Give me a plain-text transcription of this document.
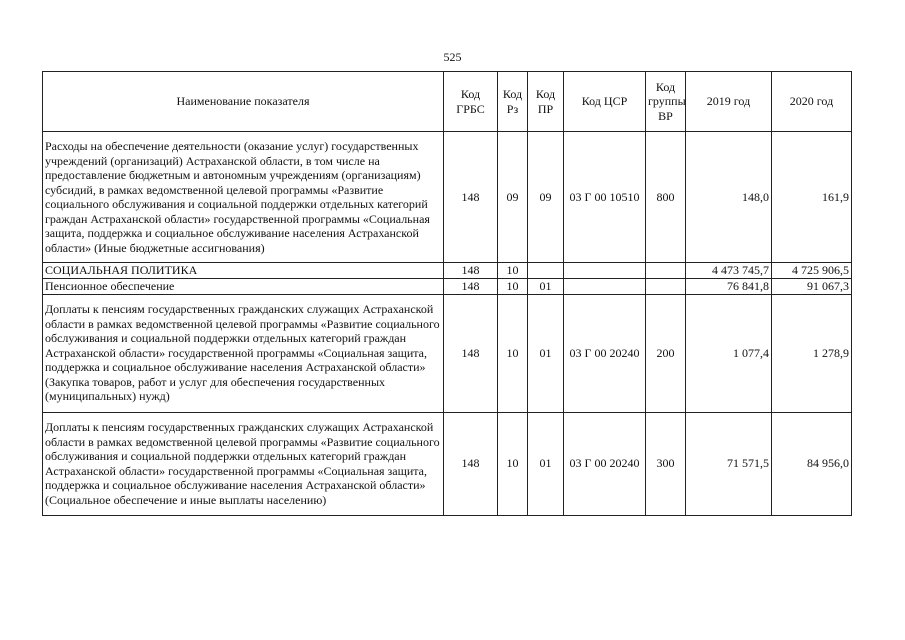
525
Наименование показателя	Код ГРБС	Код Рз	Код ПР	Код ЦСР	Код группы ВР	2019 год	2020 год
Расходы на обеспечение деятельности (оказание услуг) государственных учреждений (организаций) Астраханской области, в том числе на предоставление бюджетным и автономным учреждениям (организациям) субсидий, в рамках ведомственной целевой программы «Развитие социального обслуживания и социальной поддержки отдельных категорий граждан Астраханской области» государственной программы «Социальная защита, поддержка и социальное обслуживание населения Астраханской области» (Иные бюджетные ассигнования)	148	09	09	03 Г 00 10510	800	148,0	161,9
СОЦИАЛЬНАЯ ПОЛИТИКА	148	10				4 473 745,7	4 725 906,5
Пенсионное обеспечение	148	10	01			76 841,8	91 067,3
Доплаты к пенсиям государственных гражданских служащих Астраханской области в рамках ведомственной целевой программы «Развитие социального обслуживания и социальной поддержки отдельных категорий граждан Астраханской области» государственной программы «Социальная защита, поддержка и социальное обслуживание населения Астраханской области» (Закупка товаров, работ и услуг для обеспечения государственных (муниципальных) нужд)	148	10	01	03 Г 00 20240	200	1 077,4	1 278,9
Доплаты к пенсиям государственных гражданских служащих Астраханской области в рамках ведомственной целевой программы «Развитие социального обслуживания и социальной поддержки отдельных категорий граждан Астраханской области» государственной программы «Социальная защита, поддержка и социальное обслуживание населения Астраханской области» (Социальное обеспечение и иные выплаты населению)	148	10	01	03 Г 00 20240	300	71 571,5	84 956,0
